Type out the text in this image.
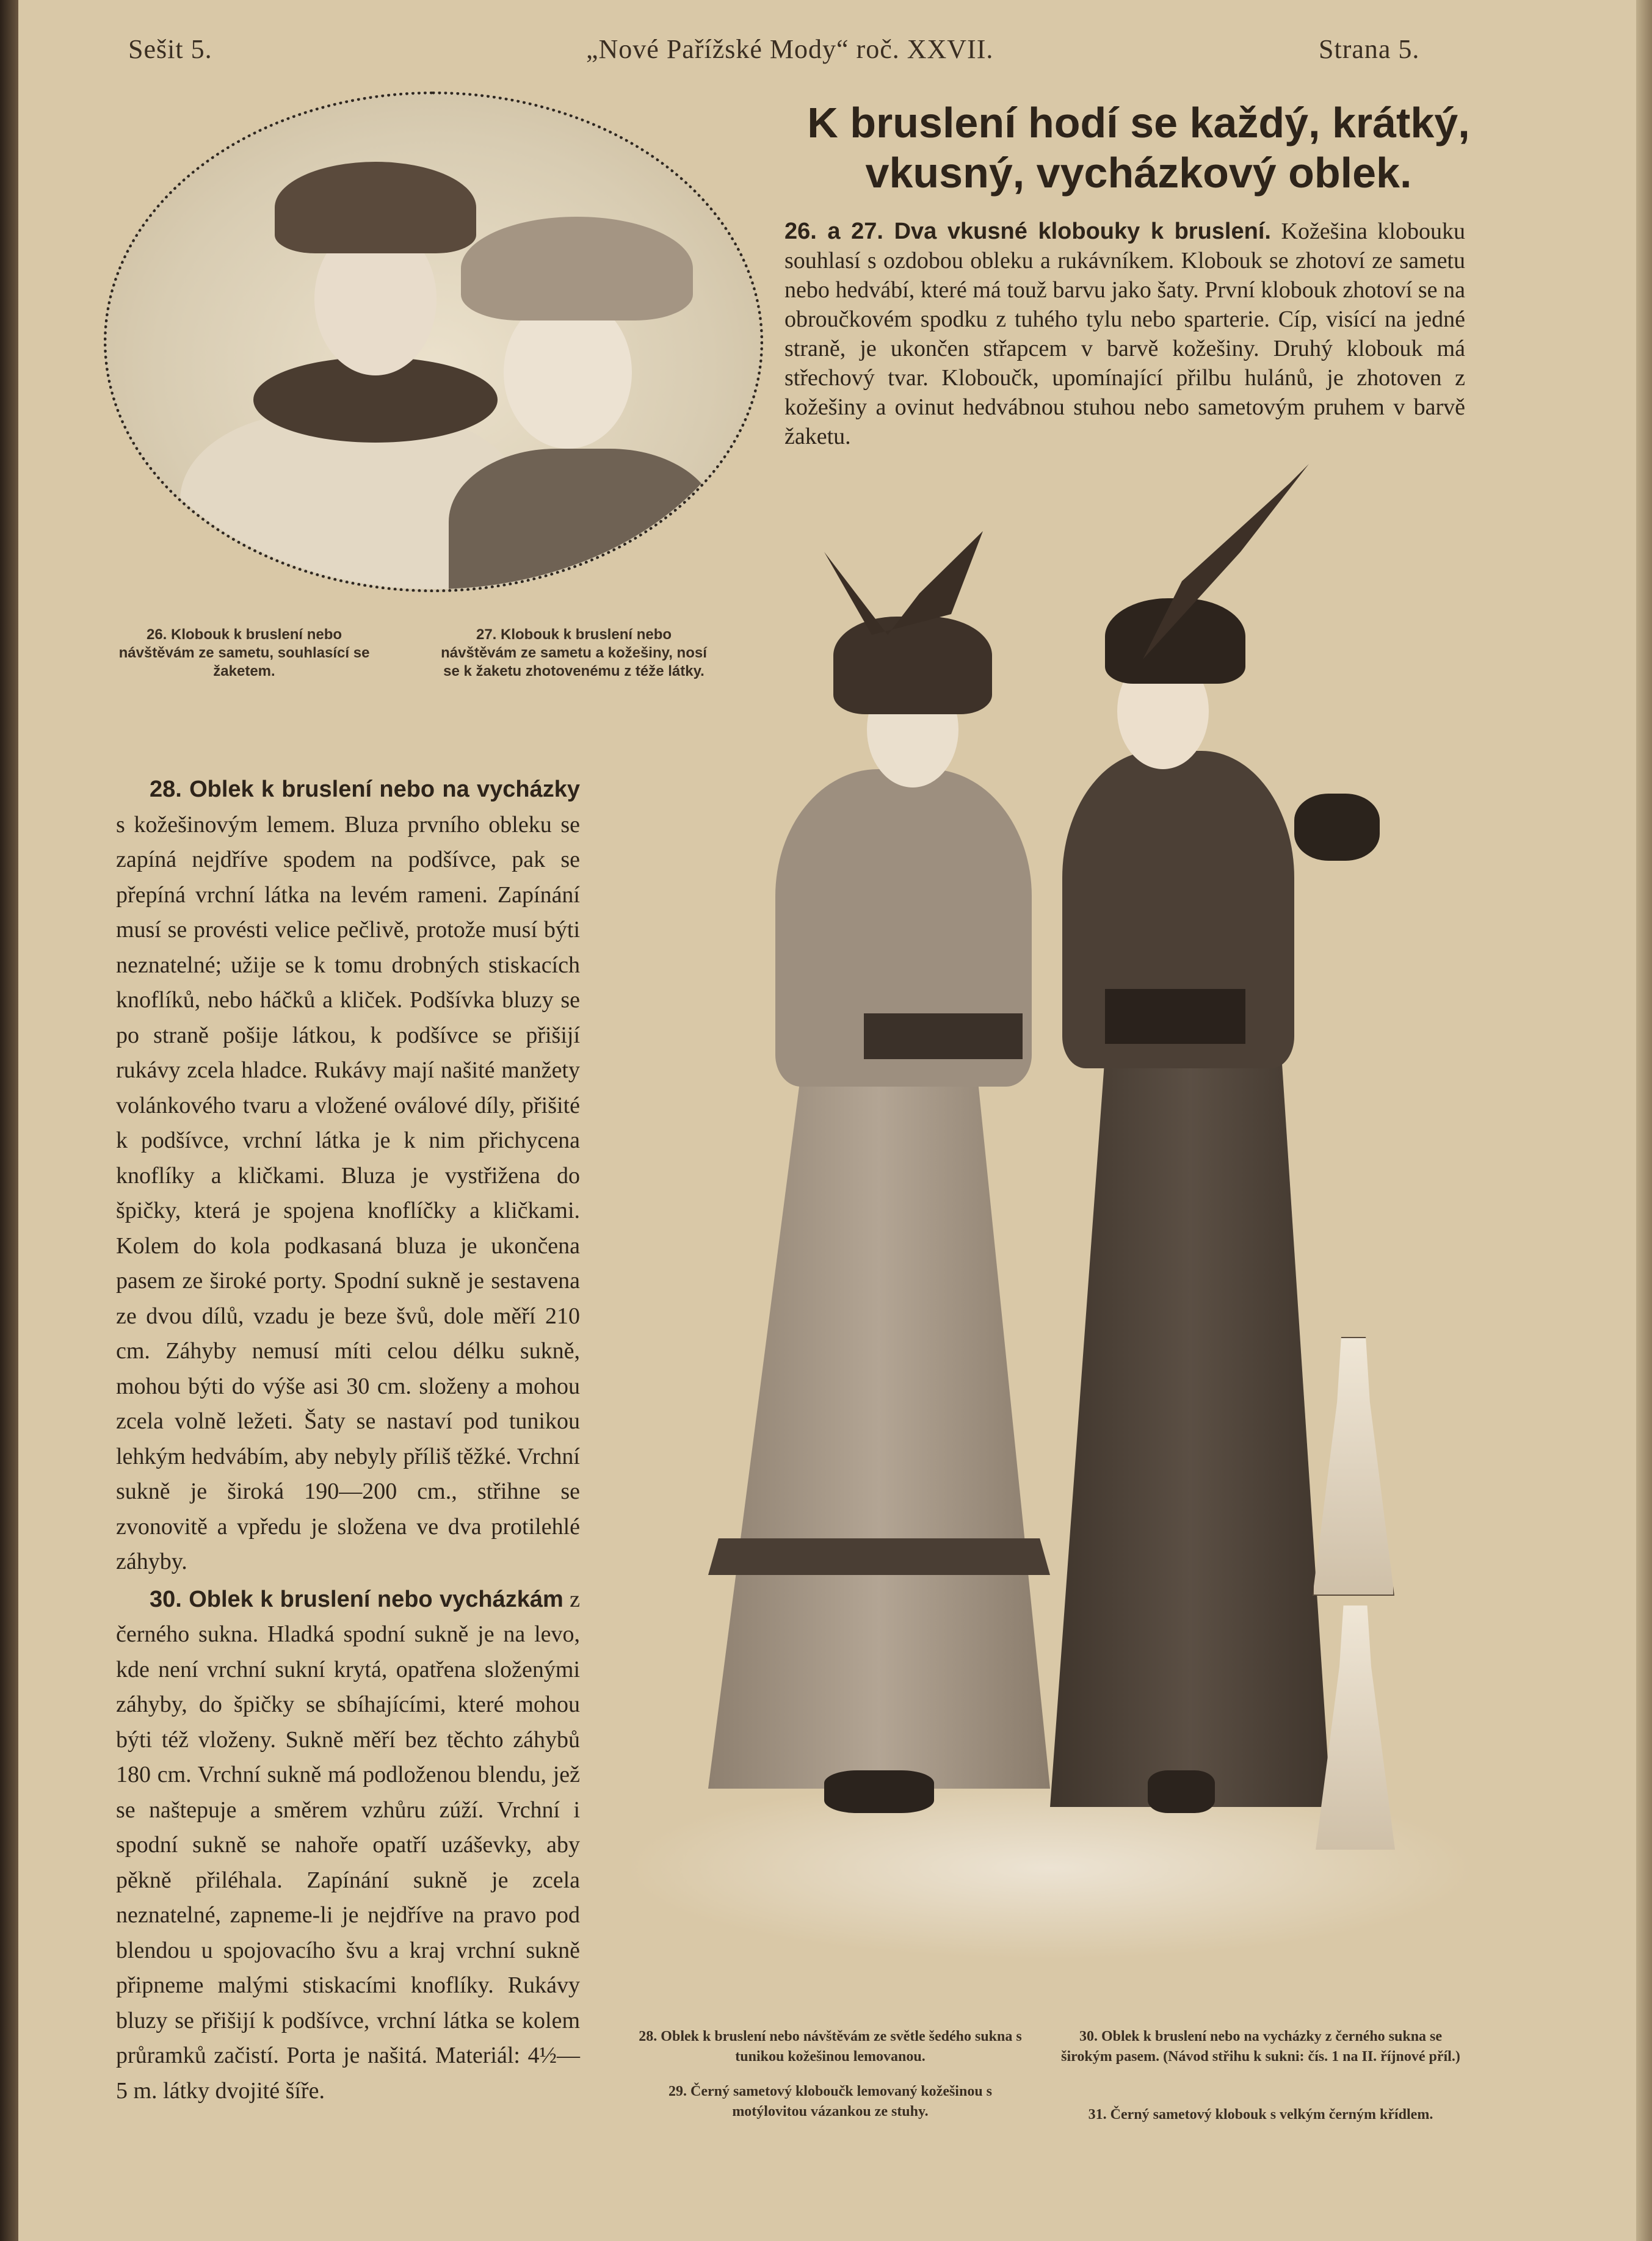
Sešit 5.	„Nové Pařížské Mody“ roč. XXVII.	Strana 5.
K bruslení hodí se každý, krátký, vkusný, vycházkový oblek.
26. a 27. Dva vkusné klobouky k bruslení. Kožešina klobouku souhlasí s ozdobou obleku a rukávníkem. Klobouk se zhotoví ze sametu nebo hedvábí, které má touž barvu jako šaty. První klobouk zhotoví se na obroučkovém spodku z tuhého tylu nebo sparterie. Cíp, visící na jedné straně, je ukončen střapcem v barvě kožešiny. Druhý klobouk má střechový tvar. Kloboučk, upomínající přilbu hulánů, je zhotoven z kožešiny a ovinut hedvábnou stuhou nebo sametovým pruhem v barvě žaketu.
26. Klobouk k bruslení nebo návštěvám ze sametu, souhlasící se žaketem.
27. Klobouk k bruslení nebo návštěvám ze sametu a kožešiny, nosí se k žaketu zhotovenému z téže látky.

28. Oblek k bruslení nebo na vycházky s kožešinovým lemem. Bluza prvního obleku se zapíná nejdříve spodem na podšívce, pak se přepíná vrchní látka na levém rameni. Zapínání musí se provésti velice pečlivě, protože musí býti neznatelné; užije se k tomu drobných stiskacích knoflíků, nebo háčků a kliček. Podšívka bluzy se po straně pošije látkou, k podšívce se přišijí rukávy zcela hladce. Rukávy mají našité manžety volánkového tvaru a vložené oválové díly, přišité k podšívce, vrchní látka je k nim přichycena knoflíky a kličkami. Bluza je vystřižena do špičky, která je spojena knoflíčky a kličkami. Kolem do kola podkasaná bluza je ukončena pasem ze široké porty. Spodní sukně je sestavena ze dvou dílů, vzadu je beze švů, dole měří 210 cm. Záhyby nemusí míti celou délku sukně, mohou býti do výše asi 30 cm. složeny a mohou zcela volně ležeti. Šaty se nastaví pod tunikou lehkým hedvábím, aby nebyly příliš těžké. Vrchní sukně je široká 190—200 cm., střihne se zvonovitě a vpředu je složena ve dva protilehlé záhyby.

30. Oblek k bruslení nebo vycházkám z černého sukna. Hladká spodní sukně je na levo, kde není vrchní sukní krytá, opatřena složenými záhyby, do špičky se sbíhajícími, které mohou býti též vloženy. Sukně měří bez těchto záhybů 180 cm. Vrchní sukně má podloženou blendu, jež se naštepuje a směrem vzhůru zúží. Vrchní i spodní sukně se nahoře opatří uzáševky, aby pěkně přiléhala. Zapínání sukně je zcela neznatelné, zapneme-li je nejdříve na pravo pod blendou u spojovacího švu a kraj vrchní sukně připneme malými stiskacími knoflíky. Rukávy bluzy se přišijí k podšívce, vrchní látka se kolem průramků začistí. Porta je našitá. Materiál: 4½—5 m. látky dvojité šíře.

28. Oblek k bruslení nebo návštěvám ze světle šedého sukna s tunikou kožešinou lemovanou.
29. Černý sametový kloboučk lemovaný kožešinou s motýlovitou vázankou ze stuhy.
30. Oblek k bruslení nebo na vycházky z černého sukna se širokým pasem. (Návod střihu k sukni: čís. 1 na II. říjnové příl.)
31. Černý sametový klobouk s velkým černým křídlem.
